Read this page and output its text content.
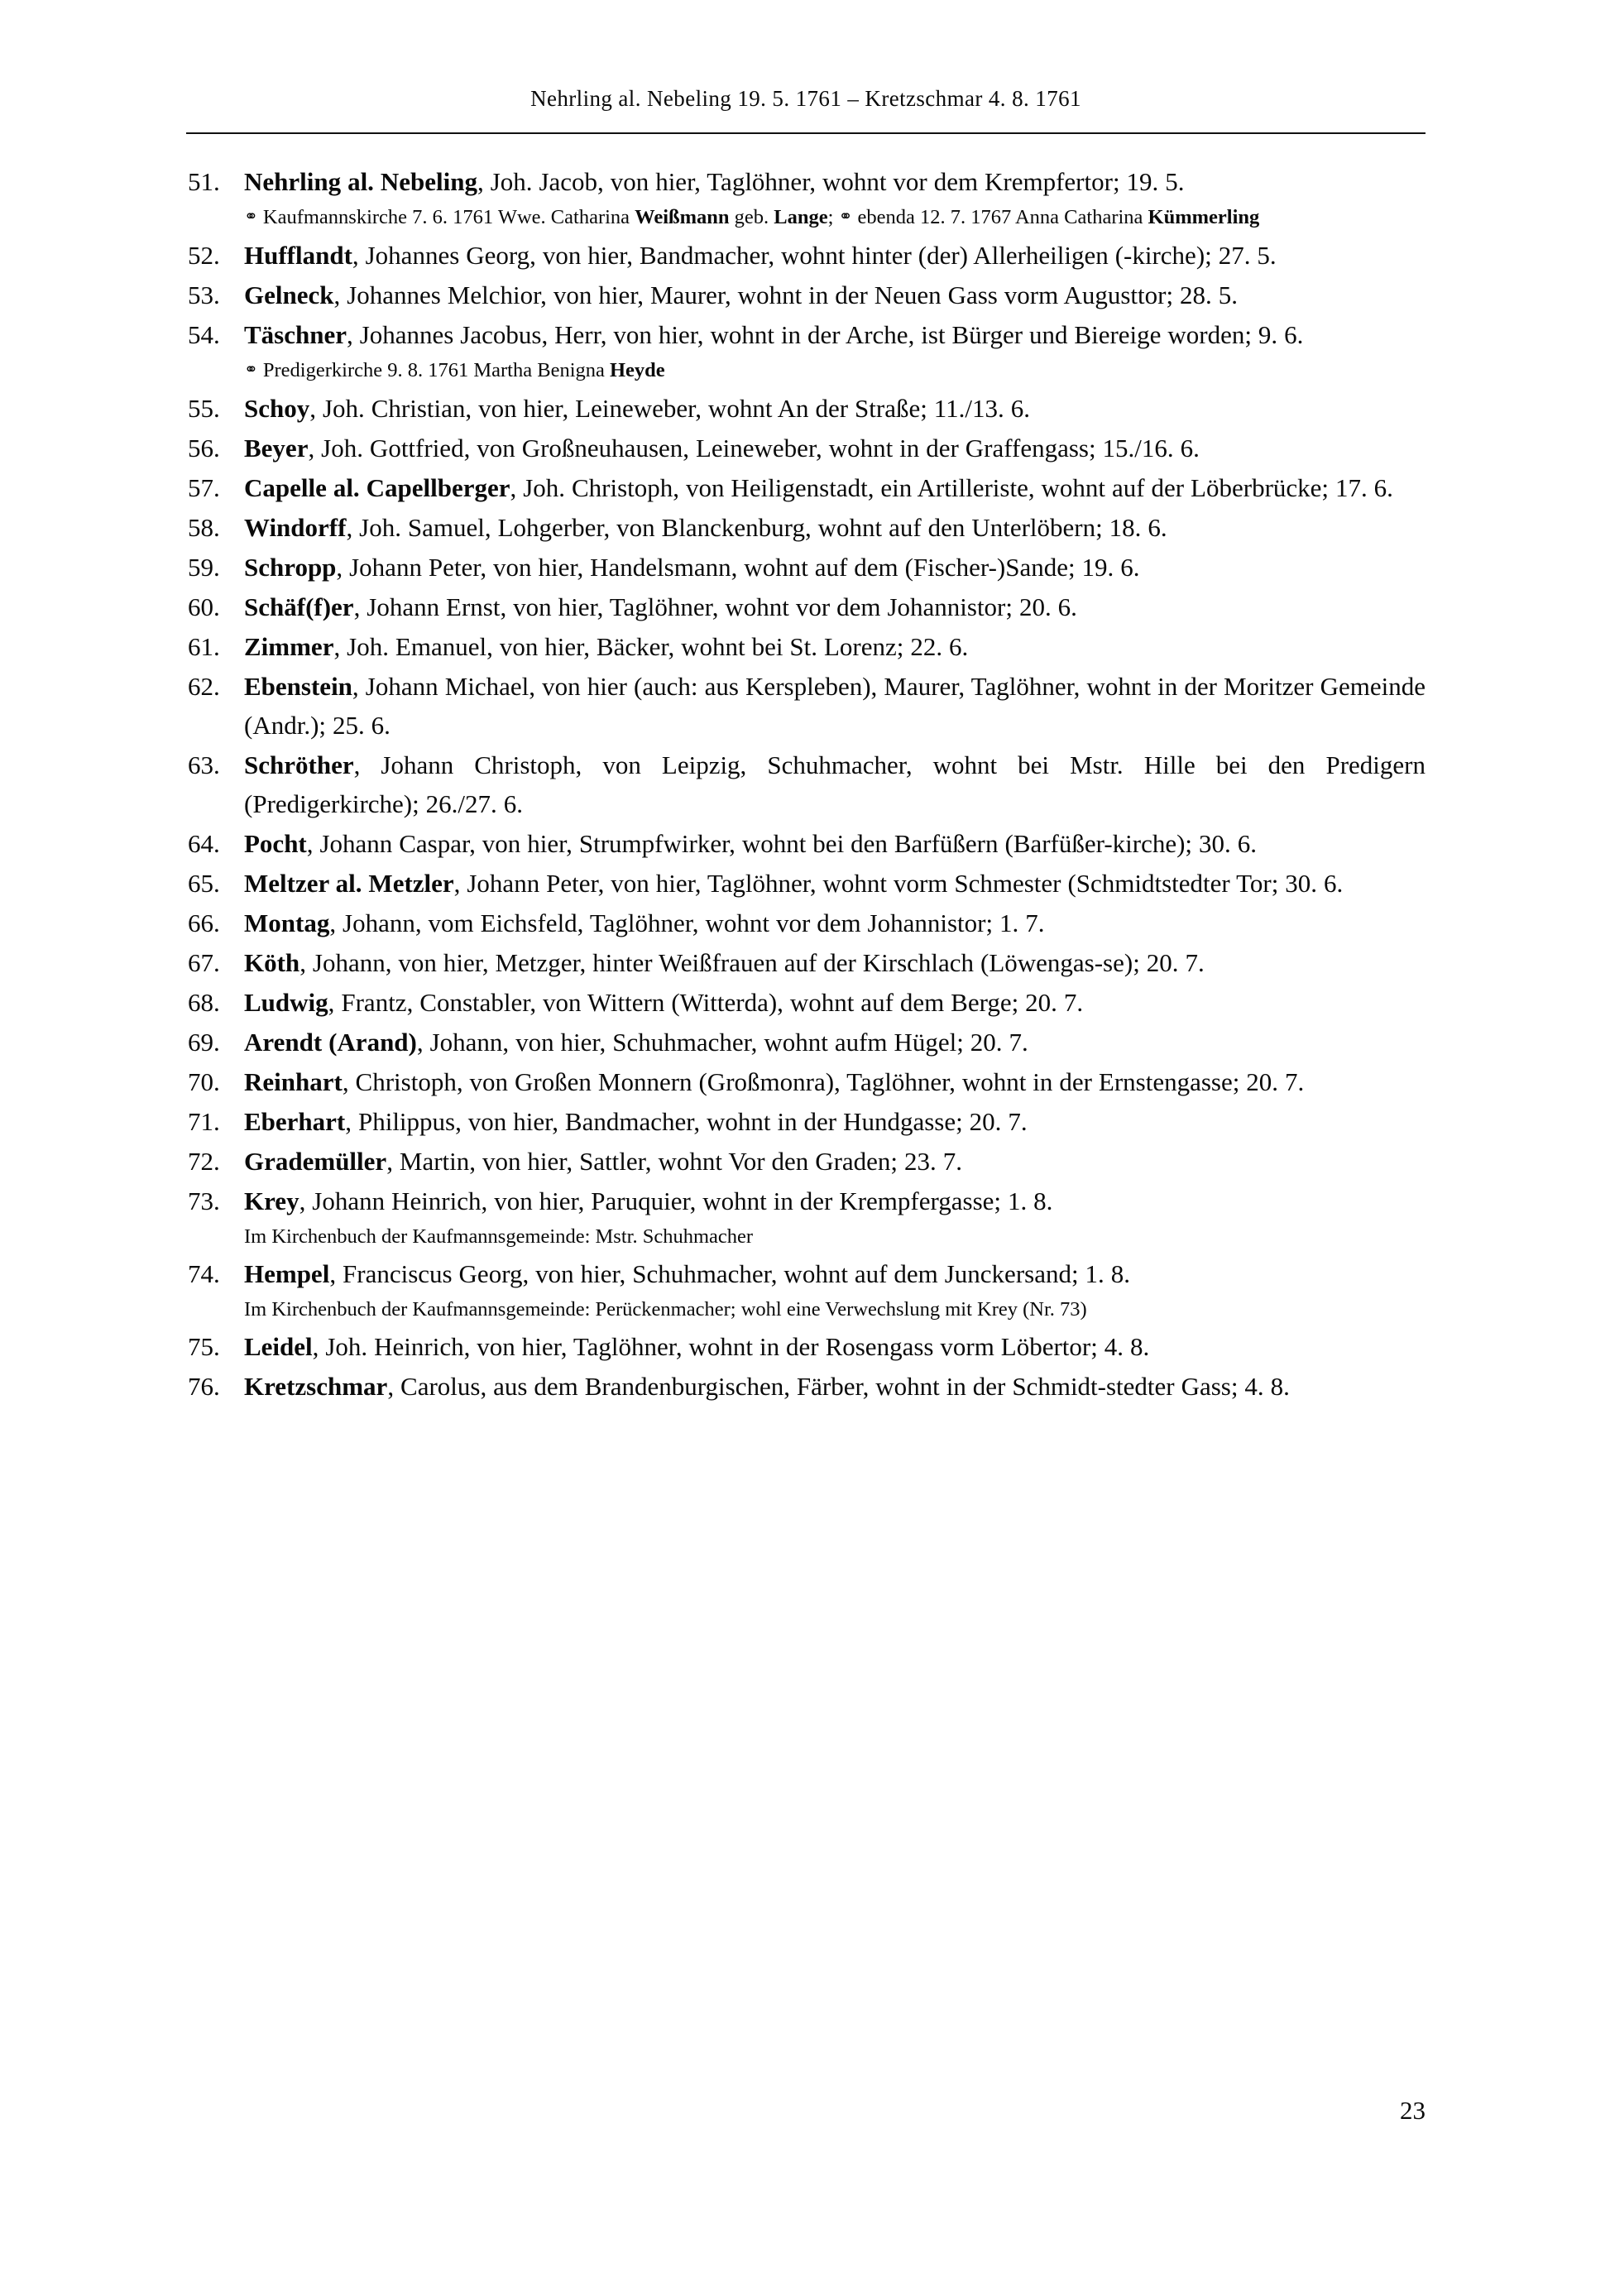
Nehrling al. Nebeling 19. 5. 1761 – Kretzschmar 4. 8. 1761
51. Nehrling al. Nebeling, Joh. Jacob, von hier, Taglöhner, wohnt vor dem Krempfertor; 19. 5.
⚭ Kaufmannskirche 7. 6. 1761 Wwe. Catharina Weißmann geb. Lange; ⚭ ebenda 12. 7. 1767 Anna Catharina Kümmerling
52. Hufflandt, Johannes Georg, von hier, Bandmacher, wohnt hinter (der) Allerheiligen (-kirche); 27. 5.
53. Gelneck, Johannes Melchior, von hier, Maurer, wohnt in der Neuen Gass vorm Augusttor; 28. 5.
54. Täschner, Johannes Jacobus, Herr, von hier, wohnt in der Arche, ist Bürger und Biereige worden; 9. 6.
⚭ Predigerkirche 9. 8. 1761 Martha Benigna Heyde
55. Schoy, Joh. Christian, von hier, Leineweber, wohnt An der Straße; 11./13. 6.
56. Beyer, Joh. Gottfried, von Großneuhausen, Leineweber, wohnt in der Graffengass; 15./16. 6.
57. Capelle al. Capellberger, Joh. Christoph, von Heiligenstadt, ein Artilleriste, wohnt auf der Löberbrücke; 17. 6.
58. Windorff, Joh. Samuel, Lohgerber, von Blanckenburg, wohnt auf den Unterlöbern; 18. 6.
59. Schropp, Johann Peter, von hier, Handelsmann, wohnt auf dem (Fischer-)Sande; 19. 6.
60. Schäf(f)er, Johann Ernst, von hier, Taglöhner, wohnt vor dem Johannistor; 20. 6.
61. Zimmer, Joh. Emanuel, von hier, Bäcker, wohnt bei St. Lorenz; 22. 6.
62. Ebenstein, Johann Michael, von hier (auch: aus Kerspleben), Maurer, Taglöhner, wohnt in der Moritzer Gemeinde (Andr.); 25. 6.
63. Schröther, Johann Christoph, von Leipzig, Schuhmacher, wohnt bei Mstr. Hille bei den Predigern (Predigerkirche); 26./27. 6.
64. Pocht, Johann Caspar, von hier, Strumpfwirker, wohnt bei den Barfüßern (Barfüßer-kirche); 30. 6.
65. Meltzer al. Metzler, Johann Peter, von hier, Taglöhner, wohnt vorm Schmester (Schmidtstedter Tor; 30. 6.
66. Montag, Johann, vom Eichsfeld, Taglöhner, wohnt vor dem Johannistor; 1. 7.
67. Köth, Johann, von hier, Metzger, hinter Weißfrauen auf der Kirschlach (Löwengas-se); 20. 7.
68. Ludwig, Frantz, Constabler, von Wittern (Witterda), wohnt auf dem Berge; 20. 7.
69. Arendt (Arand), Johann, von hier, Schuhmacher, wohnt aufm Hügel; 20. 7.
70. Reinhart, Christoph, von Großen Monnern (Großmonra), Taglöhner, wohnt in der Ernstengasse; 20. 7.
71. Eberhart, Philippus, von hier, Bandmacher, wohnt in der Hundgasse; 20. 7.
72. Grademüller, Martin, von hier, Sattler, wohnt Vor den Graden; 23. 7.
73. Krey, Johann Heinrich, von hier, Paruquier, wohnt in der Krempfergasse; 1. 8.
Im Kirchenbuch der Kaufmannsgemeinde: Mstr. Schuhmacher
74. Hempel, Franciscus Georg, von hier, Schuhmacher, wohnt auf dem Junckersand; 1. 8.
Im Kirchenbuch der Kaufmannsgemeinde: Perückenmacher; wohl eine Verwechslung mit Krey (Nr. 73)
75. Leidel, Joh. Heinrich, von hier, Taglöhner, wohnt in der Rosengass vorm Löbertor; 4. 8.
76. Kretzschmar, Carolus, aus dem Brandenburgischen, Färber, wohnt in der Schmidt-stedter Gass; 4. 8.
23
